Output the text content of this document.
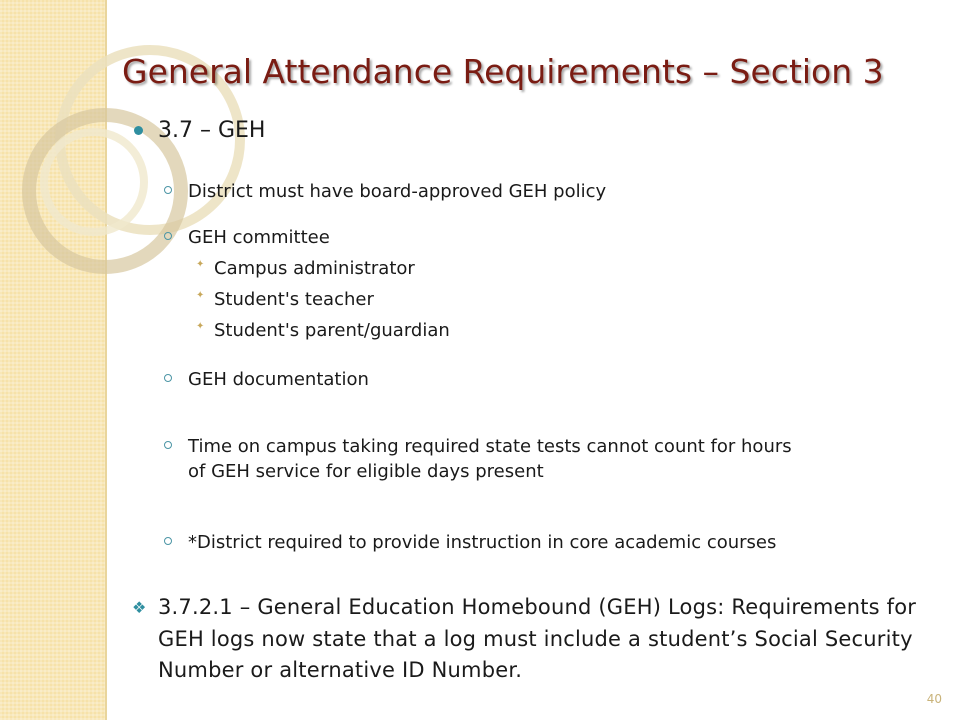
General Attendance Requirements – Section 3
3.7 – GEH
District must have board-approved GEH policy
GEH committee
✦ Campus administrator
✦ Student's teacher
✦ Student's parent/guardian
GEH documentation
Time on campus taking required state tests cannot count for hours
of GEH service for eligible days present
*District required to provide instruction in core academic courses
❖ 3.7.2.1 – General Education Homebound (GEH) Logs: Requirements for GEH logs now state that a log must include a student’s Social Security Number or alternative ID Number.
40
